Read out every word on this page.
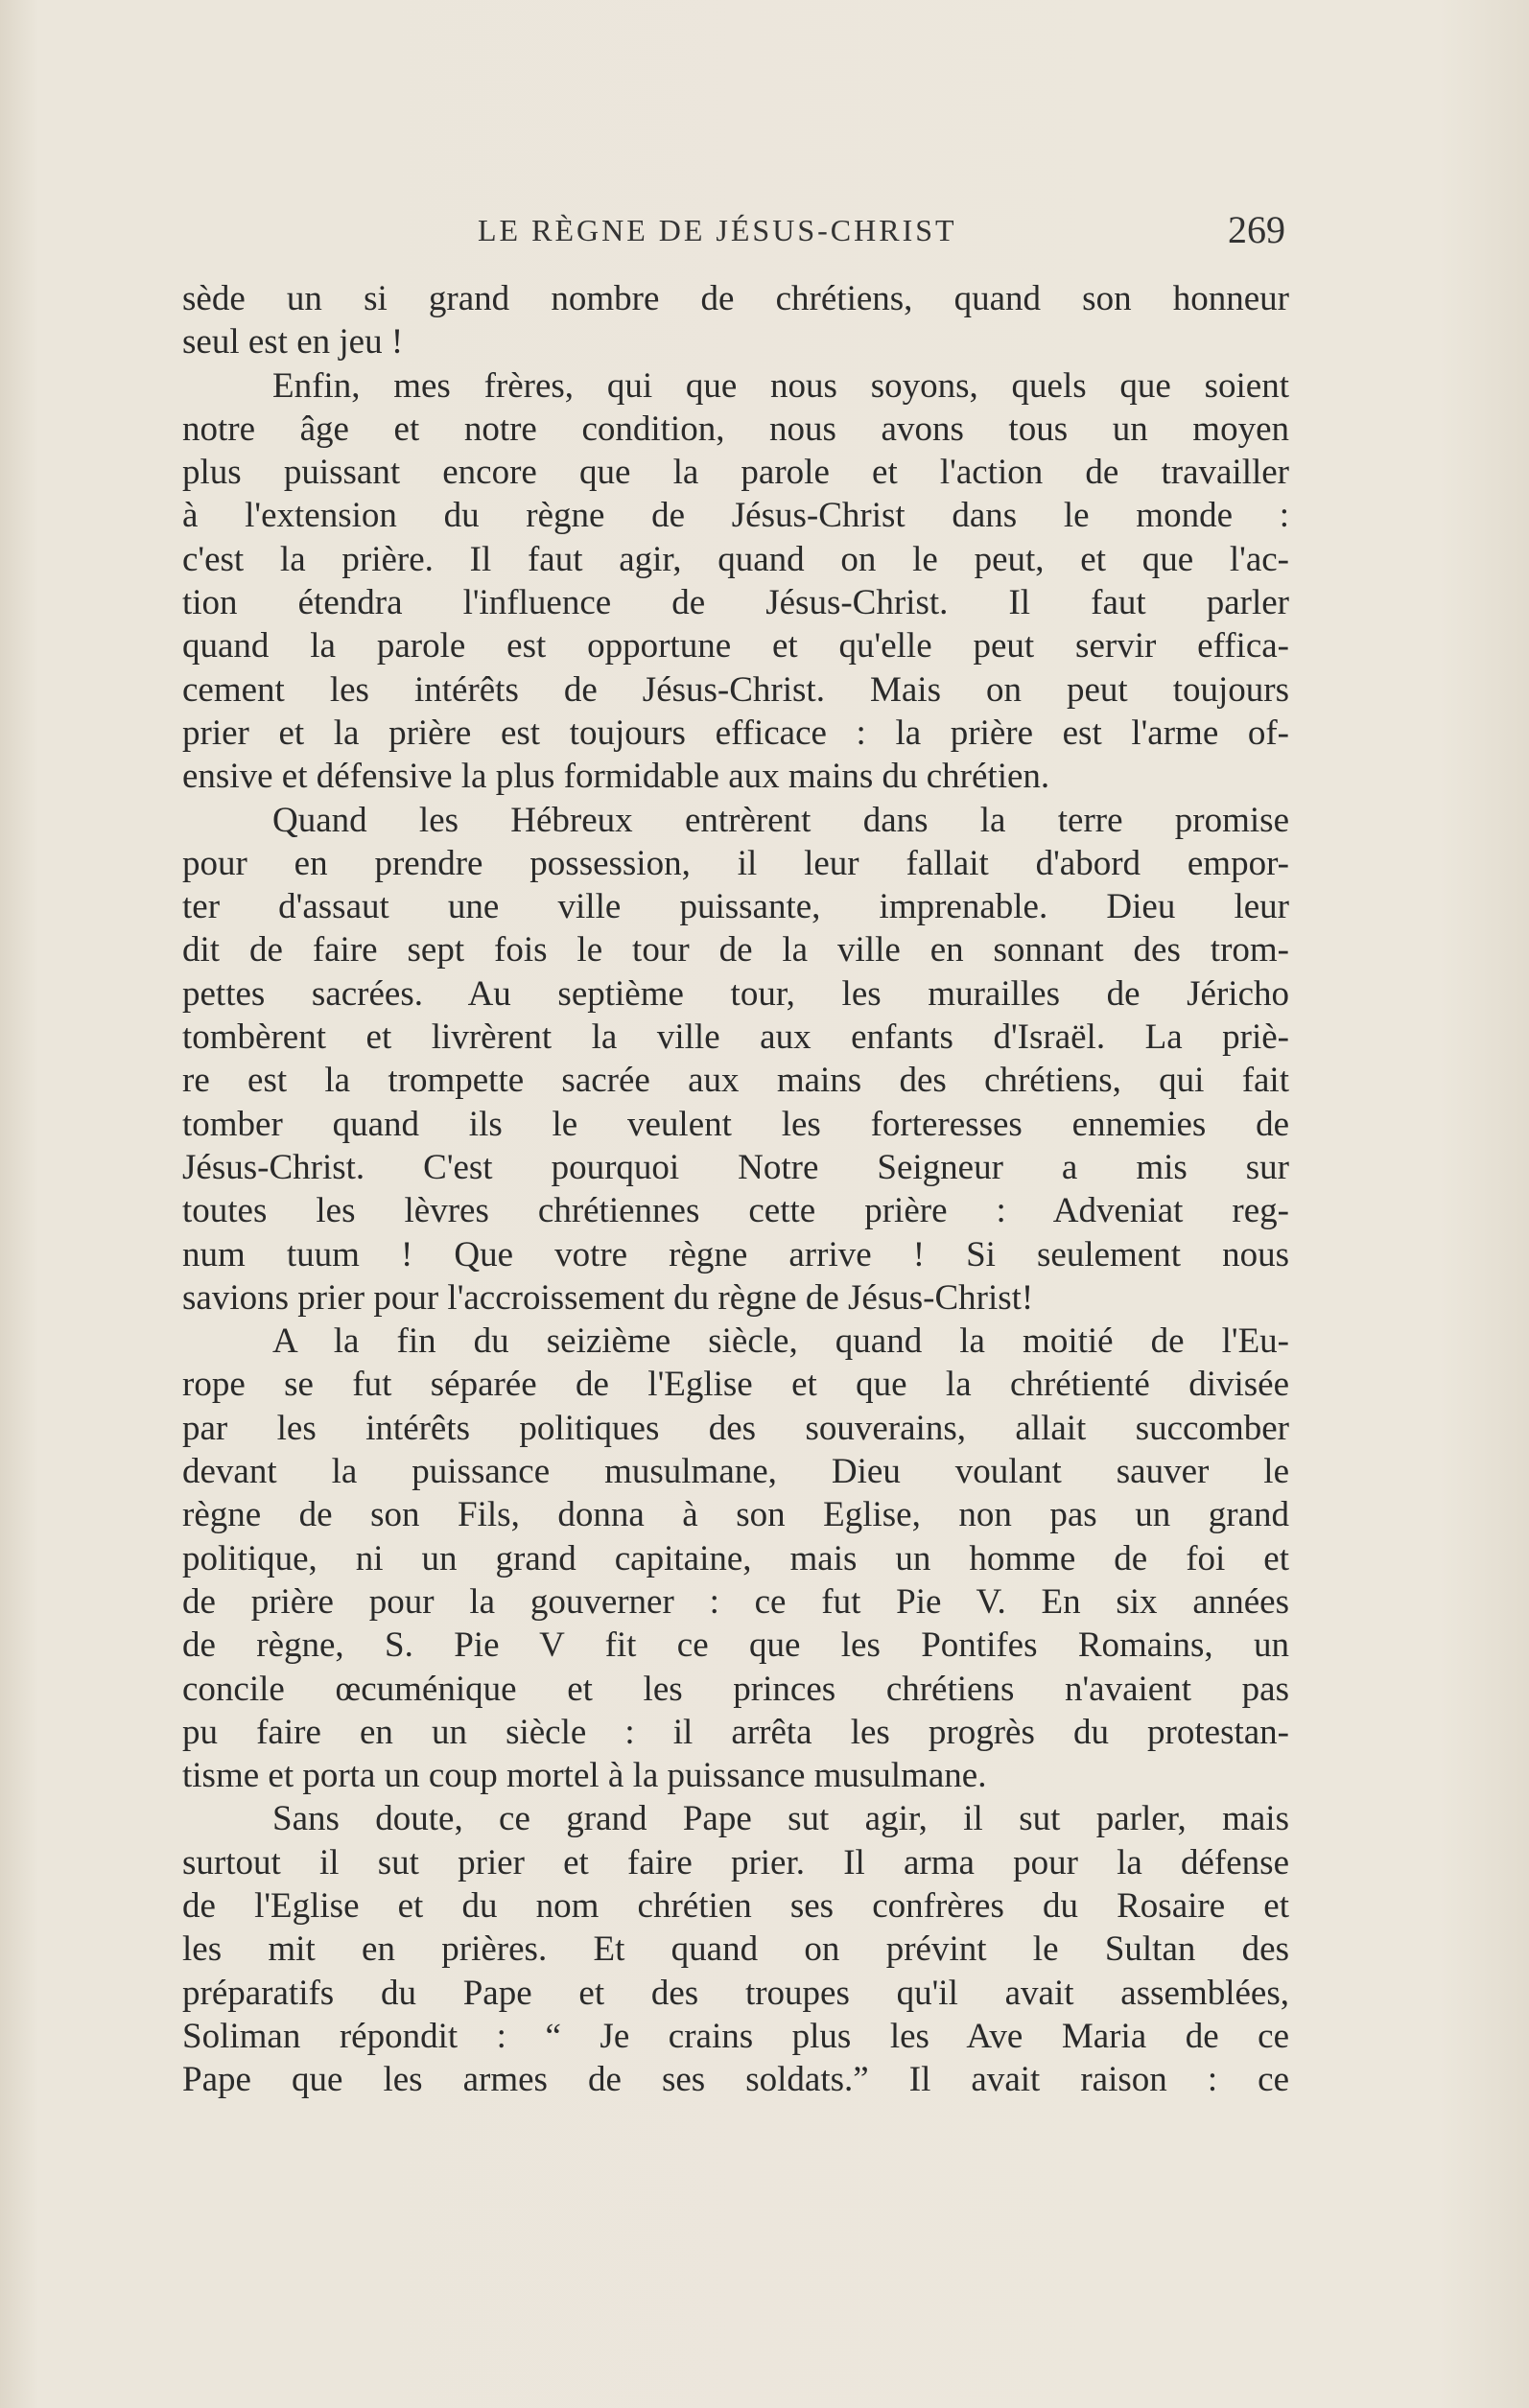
LE RÈGNE DE JÉSUS-CHRIST	269
sède un si grand nombre de chrétiens, quand son honneur
seul est en jeu !
Enfin, mes frères, qui que nous soyons, quels que soient
notre âge et notre condition, nous avons tous un moyen
plus puissant encore que la parole et l'action de travailler
à l'extension du règne de Jésus-Christ dans le monde :
c'est la prière. Il faut agir, quand on le peut, et que l'ac-
tion étendra l'influence de Jésus-Christ. Il faut parler
quand la parole est opportune et qu'elle peut servir effica-
cement les intérêts de Jésus-Christ. Mais on peut toujours
prier et la prière est toujours efficace : la prière est l'arme of-
ensive et défensive la plus formidable aux mains du chrétien.
Quand les Hébreux entrèrent dans la terre promise
pour en prendre possession, il leur fallait d'abord empor-
ter d'assaut une ville puissante, imprenable. Dieu leur
dit de faire sept fois le tour de la ville en sonnant des trom-
pettes sacrées. Au septième tour, les murailles de Jéricho
tombèrent et livrèrent la ville aux enfants d'Israël. La priè-
re est la trompette sacrée aux mains des chrétiens, qui fait
tomber quand ils le veulent les forteresses ennemies de
Jésus-Christ. C'est pourquoi Notre Seigneur a mis sur
toutes les lèvres chrétiennes cette prière : Adveniat reg-
num tuum ! Que votre règne arrive ! Si seulement nous
savions prier pour l'accroissement du règne de Jésus-Christ!
A la fin du seizième siècle, quand la moitié de l'Eu-
rope se fut séparée de l'Eglise et que la chrétienté divisée
par les intérêts politiques des souverains, allait succomber
devant la puissance musulmane, Dieu voulant sauver le
règne de son Fils, donna à son Eglise, non pas un grand
politique, ni un grand capitaine, mais un homme de foi et
de prière pour la gouverner : ce fut Pie V. En six années
de règne, S. Pie V fit ce que les Pontifes Romains, un
concile œcuménique et les princes chrétiens n'avaient pas
pu faire en un siècle : il arrêta les progrès du protestan-
tisme et porta un coup mortel à la puissance musulmane.
Sans doute, ce grand Pape sut agir, il sut parler, mais
surtout il sut prier et faire prier. Il arma pour la défense
de l'Eglise et du nom chrétien ses confrères du Rosaire et
les mit en prières. Et quand on prévint le Sultan des
préparatifs du Pape et des troupes qu'il avait assemblées,
Soliman répondit : “ Je crains plus les Ave Maria de ce
Pape que les armes de ses soldats.” Il avait raison : ce
